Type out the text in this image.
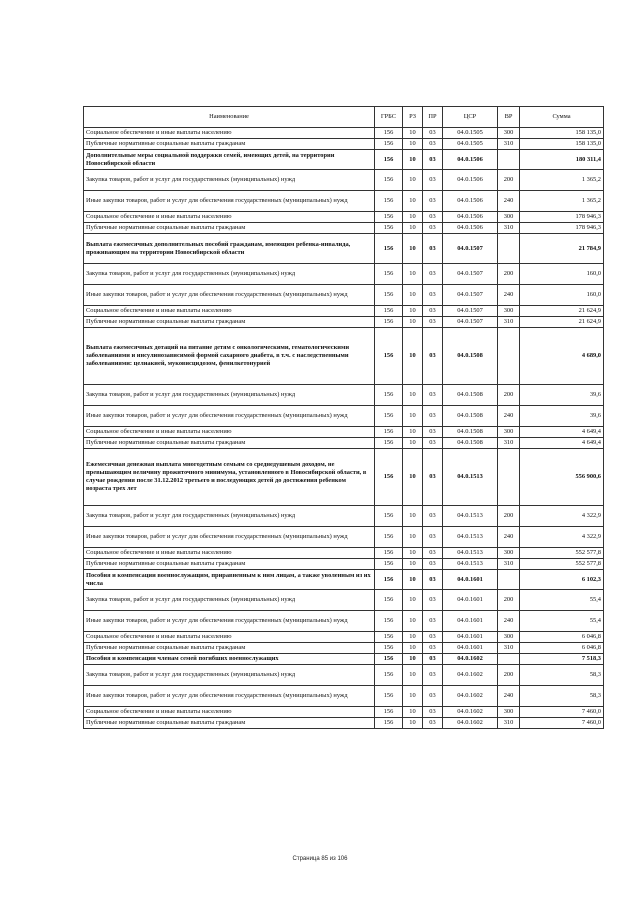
Наименование	ГРБС	РЗ	ПР	ЦСР	ВР	Сумма
Социальное обеспечение и иные выплаты населению	156	10	03	04.0.1505	300	158 135,0
Публичные нормативные социальные выплаты гражданам	156	10	03	04.0.1505	310	158 135,0
Дополнительные меры социальной поддержки семей, имеющих детей, на территории Новосибирской области	156	10	03	04.0.1506		180 311,4
Закупка товаров, работ и услуг для государственных (муниципальных) нужд	156	10	03	04.0.1506	200	1 365,2
Иные закупки товаров, работ и услуг для обеспечения государственных (муниципальных) нужд	156	10	03	04.0.1506	240	1 365,2
Социальное обеспечение и иные выплаты населению	156	10	03	04.0.1506	300	178 946,3
Публичные нормативные социальные выплаты гражданам	156	10	03	04.0.1506	310	178 946,3
Выплата ежемесячных дополнительных пособий гражданам, имеющим ребенка-инвалида, проживающим на территории Новосибирской области	156	10	03	04.0.1507		21 784,9
Закупка товаров, работ и услуг для государственных (муниципальных) нужд	156	10	03	04.0.1507	200	160,0
Иные закупки товаров, работ и услуг для обеспечения государственных (муниципальных) нужд	156	10	03	04.0.1507	240	160,0
Социальное обеспечение и иные выплаты населению	156	10	03	04.0.1507	300	21 624,9
Публичные нормативные социальные выплаты гражданам	156	10	03	04.0.1507	310	21 624,9
Выплата ежемесячных дотаций на питание детям с онкологическими, гематологическими заболеваниями и инсулинозависимой формой сахарного диабета, в т.ч. с наследственными заболеваниями: целиакией, муковисцидозом, фенилкетонурией	156	10	03	04.0.1508		4 689,0
Закупка товаров, работ и услуг для государственных (муниципальных) нужд	156	10	03	04.0.1508	200	39,6
Иные закупки товаров, работ и услуг для обеспечения государственных (муниципальных) нужд	156	10	03	04.0.1508	240	39,6
Социальное обеспечение и иные выплаты населению	156	10	03	04.0.1508	300	4 649,4
Публичные нормативные социальные выплаты гражданам	156	10	03	04.0.1508	310	4 649,4
Ежемесячная денежная выплата многодетным семьям со среднедушевым доходом, не превышающим величину прожиточного минимума, установленного в Новосибирской области, в случае рождения после 31.12.2012 третьего и последующих детей до достижения ребенком возраста трех лет	156	10	03	04.0.1513		556 900,6
Закупка товаров, работ и услуг для государственных (муниципальных) нужд	156	10	03	04.0.1513	200	4 322,9
Иные закупки товаров, работ и услуг для обеспечения государственных (муниципальных) нужд	156	10	03	04.0.1513	240	4 322,9
Социальное обеспечение и иные выплаты населению	156	10	03	04.0.1513	300	552 577,8
Публичные нормативные социальные выплаты гражданам	156	10	03	04.0.1513	310	552 577,8
Пособия и компенсации военнослужащим, приравненным к ним лицам, а также уволенным из их числа	156	10	03	04.0.1601		6 102,3
Закупка товаров, работ и услуг для государственных (муниципальных) нужд	156	10	03	04.0.1601	200	55,4
Иные закупки товаров, работ и услуг для обеспечения государственных (муниципальных) нужд	156	10	03	04.0.1601	240	55,4
Социальное обеспечение и иные выплаты населению	156	10	03	04.0.1601	300	6 046,8
Публичные нормативные социальные выплаты гражданам	156	10	03	04.0.1601	310	6 046,8
Пособия и компенсации членам семей погибших военнослужащих	156	10	03	04.0.1602		7 518,3
Закупка товаров, работ и услуг для государственных (муниципальных) нужд	156	10	03	04.0.1602	200	58,3
Иные закупки товаров, работ и услуг для обеспечения государственных (муниципальных) нужд	156	10	03	04.0.1602	240	58,3
Социальное обеспечение и иные выплаты населению	156	10	03	04.0.1602	300	7 460,0
Публичные нормативные социальные выплаты гражданам	156	10	03	04.0.1602	310	7 460,0
Страница 85 из 106
